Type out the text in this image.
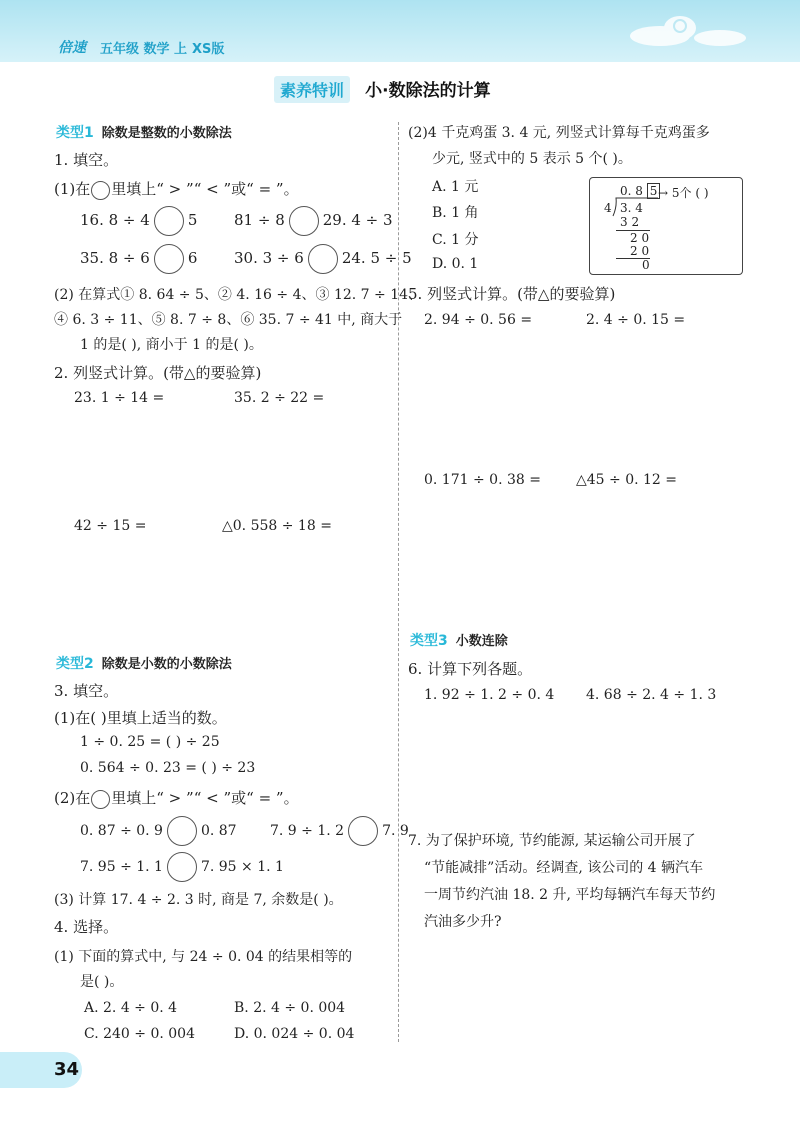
倍速 五年级 数学 上 XS版
素养特训 小·数除法的计算
类型1 除数是整数的小数除法
1. 填空。
(1)在 里填上“ > ”“ < ”或“ = ”。
16. 8 ÷ 4	5 81 ÷ 8	29. 4 ÷ 3
35. 8 ÷ 6	6 30. 3 ÷ 6	24. 5 ÷ 5
(2) 在算式① 8. 64 ÷ 5、② 4. 16 ÷ 4、③ 12. 7 ÷ 14、
④ 6. 3 ÷ 11、⑤ 8. 7 ÷ 8、⑥ 35. 7 ÷ 41 中, 商大于
1 的是( ), 商小于 1 的是( )。
2. 列竖式计算。(带△的要验算)
23. 1 ÷ 14 =	35. 2 ÷ 22 =
42 ÷ 15 =	△0. 558 ÷ 18 =
类型2 除数是小数的小数除法
3. 填空。
(1)在( )里填上适当的数。
1 ÷ 0. 25 = ( ) ÷ 25
0. 564 ÷ 0. 23 = ( ) ÷ 23
(2)在 里填上“ > ”“ < ”或“ = ”。
0. 87 ÷ 0. 9	0. 87 7. 9 ÷ 1. 2	7. 9
7. 95 ÷ 1. 1	7. 95 × 1. 1
(3) 计算 17. 4 ÷ 2. 3 时, 商是 7, 余数是( )。
4. 选择。
(1) 下面的算式中, 与 24 ÷ 0. 04 的结果相等的
是( )。
A. 2. 4 ÷ 0. 4	B. 2. 4 ÷ 0. 004
C. 240 ÷ 0. 004	D. 0. 024 ÷ 0. 04
(2)4 千克鸡蛋 3. 4 元, 列竖式计算每千克鸡蛋多
少元, 竖式中的 5 表示 5 个( )。
A. 1 元
B. 1 角
C. 1 分
D. 0. 1
0. 8 5 → 5个 ( )
4 3. 4
3 2
2 0
2 0
0
5. 列竖式计算。(带△的要验算)
2. 94 ÷ 0. 56 =	2. 4 ÷ 0. 15 =
0. 171 ÷ 0. 38 =	△45 ÷ 0. 12 =
类型3 小数连除
6. 计算下列各题。
1. 92 ÷ 1. 2 ÷ 0. 4 4. 68 ÷ 2. 4 ÷ 1. 3
7. 为了保护环境, 节约能源, 某运输公司开展了
“节能减排”活动。经调查, 该公司的 4 辆汽车
一周节约汽油 18. 2 升, 平均每辆汽车每天节约
汽油多少升?
34
